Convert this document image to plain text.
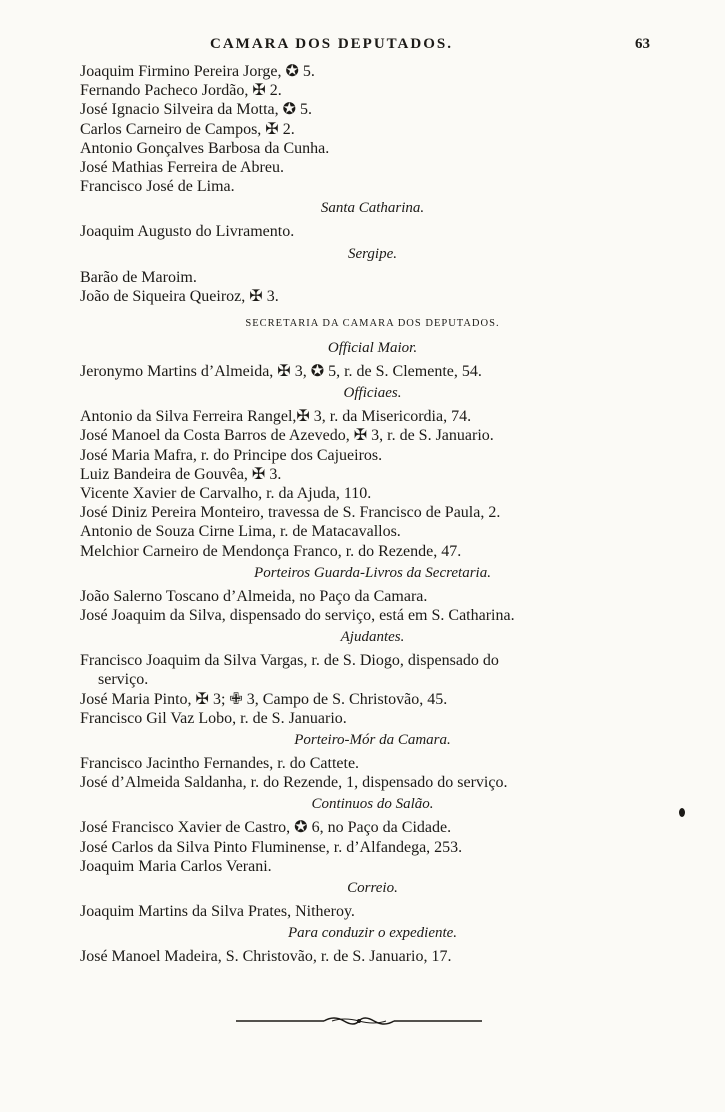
CAMARA DOS DEPUTADOS.	63
Joaquim Firmino Pereira Jorge, ✪ 5.
Fernando Pacheco Jordão, ✠ 2.
José Ignacio Silveira da Motta, ✪ 5.
Carlos Carneiro de Campos, ✠ 2.
Antonio Gonçalves Barbosa da Cunha.
José Mathias Ferreira de Abreu.
Francisco José de Lima.
Santa Catharina.
Joaquim Augusto do Livramento.
Sergipe.
Barão de Maroim.
João de Siqueira Queiroz, ✠ 3.
SECRETARIA DA CAMARA DOS DEPUTADOS.
Official Maior.
Jeronymo Martins d’Almeida, ✠ 3, ✪ 5, r. de S. Clemente, 54.
Officiaes.
Antonio da Silva Ferreira Rangel,✠ 3, r. da Misericordia, 74.
José Manoel da Costa Barros de Azevedo, ✠ 3, r. de S. Januario.
José Maria Mafra, r. do Principe dos Cajueiros.
Luiz Bandeira de Gouvêa, ✠ 3.
Vicente Xavier de Carvalho, r. da Ajuda, 110.
José Diniz Pereira Monteiro, travessa de S. Francisco de Paula, 2.
Antonio de Souza Cirne Lima, r. de Matacavallos.
Melchior Carneiro de Mendonça Franco, r. do Rezende, 47.
Porteiros Guarda-Livros da Secretaria.
João Salerno Toscano d’Almeida, no Paço da Camara.
José Joaquim da Silva, dispensado do serviço, está em S. Catharina.
Ajudantes.
Francisco Joaquim da Silva Vargas, r. de S. Diogo, dispensado do
serviço.
José Maria Pinto, ✠ 3; ✙ 3, Campo de S. Christovão, 45.
Francisco Gil Vaz Lobo, r. de S. Januario.
Porteiro-Mór da Camara.
Francisco Jacintho Fernandes, r. do Cattete.
José d’Almeida Saldanha, r. do Rezende, 1, dispensado do serviço.
Continuos do Salão.
José Francisco Xavier de Castro, ✪ 6, no Paço da Cidade.
José Carlos da Silva Pinto Fluminense, r. d’Alfandega, 253.
Joaquim Maria Carlos Verani.
Correio.
Joaquim Martins da Silva Prates, Nitheroy.
Para conduzir o expediente.
José Manoel Madeira, S. Christovão, r. de S. Januario, 17.
